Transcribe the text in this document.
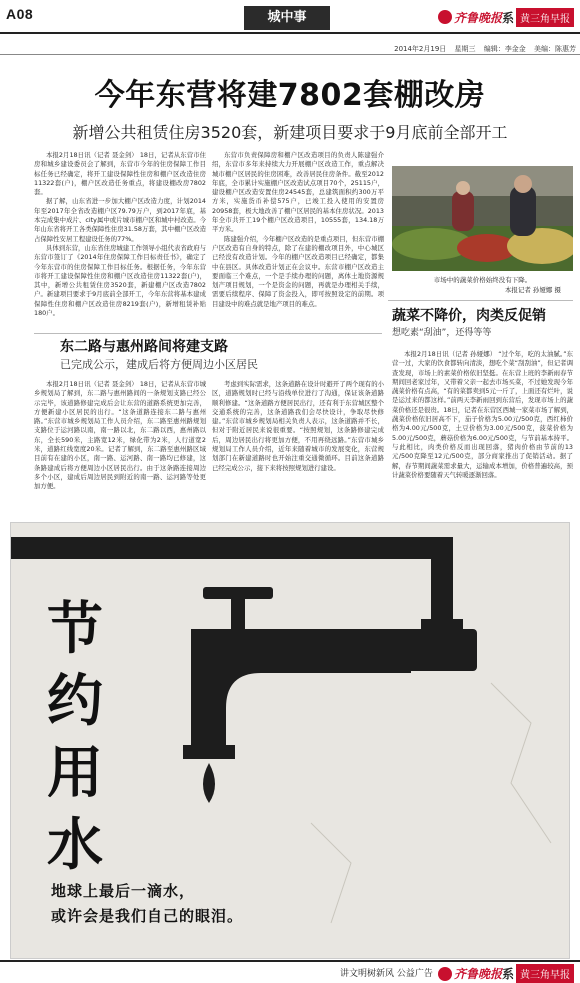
A08	城中事	齐鲁晚报 系 黄三角早报
2014年2月19日 星期三 编辑：李金金 美编：陈惠芳
今年东营将建7802套棚改房
新增公共租赁住房3520套，新建项目要求于9月底前全部开工

本报2月18日讯（记者 聂金剑） 18日，记者从东营市住房和城乡建设委员会了解到，东营市今年的住房保障工作目标任务已经确定，将开工建设保障性住房和棚户区改造住房11322套(户)，棚户区改造任务重点，将建设棚改房7802套。

据了解，山东省进一步加大棚户区改造力度，计划2014年至2017年全省改造棚户区79.79万户，到2017年底，基本完成集中成片、city属中或片城市棚户区和城中村改造。今年山东省将开工各类保障性住房31.58万套，其中棚户区改造占保障性安居工程建设任务的77%。

具体到东营，山东省住房城建工作领导小组代表省政府与东营市签订了《2014年住房保障工作目标责任书》，确定了今年东营市的住房保障工作目标任务。根据任务，今年东营市将开工建设保障性住房和棚户区改造住房11322套(户)，其中，新增公共租赁住房3520套，新建棚户区改造7802户。新建项目要求于9月底前全部开工，今年东营将基本建成保障性住房和棚户区改造住房8219套(户)，新增租赁补贴180户。

东营市负责保障房和棚户区改造项目的负责人陈建强介绍，东营市多年来持续大力开展棚户区改造工作，重点解决城市棚户区居民的住房困难，改善居民住房条件。截至2012年底，全市累计实施棚户区改造试点项目70个，25115户，建设棚户区改造安置住房24545套，总建筑面积约300万平方米，实施货币补偿575户，已竣工投入使用的安置房20958套，极大地改善了棚户区居民的基本住房状况。2013年全市共开工19个棚户区改造项目，10555套，134.18万平方米。

陈建强介绍，今年棚户区改造的是重点项目，但东营市棚户区改造有自身的特点，除了在建的棚改项目外，中心城区已经没有改造计划。今年的棚户区改造项目已经确定，都集中在县区。具体改造计划正在会议中。东营市棚户区改造主要面临三个难点，一个是手续办理的问题，离体土地资源规划产项目规划，一个是资金的问题，再就是办理相关手续，需要后续程序、保障了资金投入，即可按照设定的前期。项目建设中的难点就是地产项目的难点。

市场中的蔬菜价格始终没有下降。
本报记者 孙娅娜 摄
蔬菜不降价，肉类反促销
想吃素“刮油”，还得等等

本报2月18日讯（记者 孙娅娜） “过个年，吃的太油腻。”东营一过，大家的饮食都转向清淡，想吃个菜“刮刮油”，但记者调查发现，市场上的素菜价格依旧坚挺。在东营上班的李新雨春节期间回老家过年，又带着父亲一起去市场买菜，不过她发现今年蔬菜价格有点高，“有的菜都卖到5元一斤了，上面还有烂叶，说是运过来的都这样。”前两天李新雨回到东营后，发现市场上的蔬菜价格还是很贵。18日，记者在东营区西城一家菜市场了解到，蔬菜价格依旧居高不下，茄子价格为5.00元/500克，西红柿价格为4.00元/500克，土豆价格为3.00元/500克，菠菜价格为5.00元/500克，蘑菇价格为6.00元/500克，与节前基本持平。与此相比，肉类价格反而出现回落，猪肉价格由节前的13元/500克降至12元/500克，部分商家推出了促销活动。据了解，春节期间蔬菜需求量大，运输成本增加，价格普遍较高，预计蔬菜价格要随着天气转暖逐渐回落。

东二路与惠州路间将建支路
已完成公示，建成后将方便周边小区居民

本报2月18日讯（记者 聂金剑） 18日，记者从东营市城乡规划局了解到，东二路与惠州路间的一条规划支路已经公示完毕，该道路修建完成后会让东营的道路系统更加完善，方便新建小区居民的出行。“这条道路连接东二路与惠州路。”东营市城乡规划局工作人员介绍，东二路至惠州路规划支路位于运河路以南，南一路以北，东二路以西，惠州路以东，全长590米，主路宽12米，绿化带为2米，人行道宽2米，道路红线宽度20米。记者了解到，东二路至惠州路区域目前有在建的小区，南一路、运河路、南一路均已修建，这条路建成后将方便周边小区居民出行。由于这条路连接周边多个小区，建成后周边居民到附近的南一路、运河路等处更加方便。

考虑到实际需求，这条道路在设计时避开了两个现有的小区，道路规划时已经与沿线单位进行了沟通，保证该条道路顺利修建。“这条道路方便居民出行，还有利于东营城区整个交通系统的完善，这条道路我们会尽快设计，争取尽快修建。”东营市城乡规划局相关负责人表示，这条道路并不长，但对于附近居民来说很重要。“按照规划，这条路修建完成后，周边居民出行将更加方便，不用再绕远路。”东营市城乡规划局工作人员介绍，近年来随着城市的发展变化，东营规划部门在新建道路时也开始注重交通微循环。目前这条道路已经完成公示，接下来将按照规划进行建设。

节约用水
地球上最后一滴水，
或许会是我们自己的眼泪。
讲文明树新风 公益广告 齐鲁晚报 系 黄三角早报
